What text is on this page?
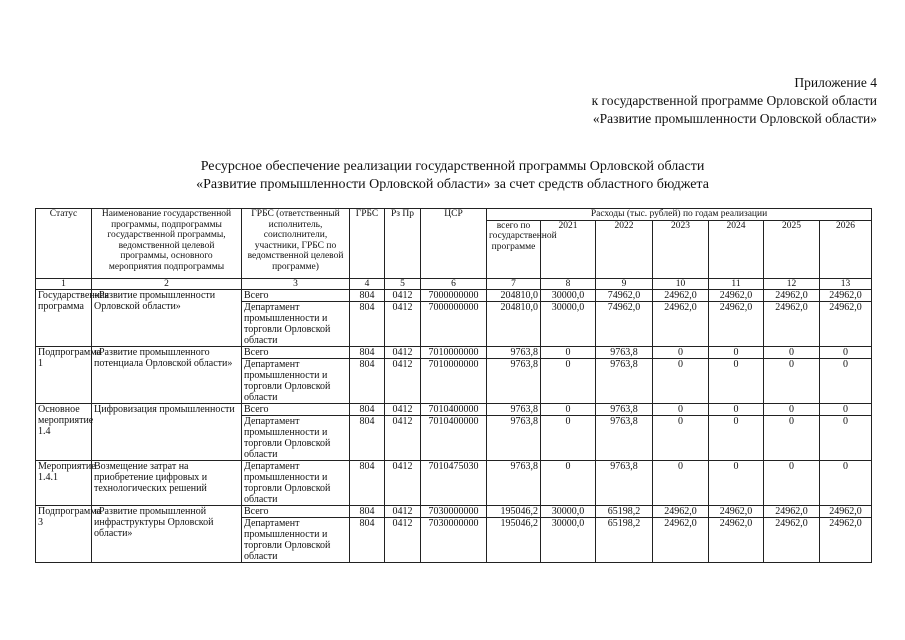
Приложение 4
к государственной программе Орловской области
«Развитие промышленности Орловской области»
Ресурсное обеспечение реализации государственной программы Орловской области
«Развитие промышленности Орловской области» за счет средств областного бюджета
Статус	Наименование государственной программы, подпрограммы государственной программы, ведомственной целевой программы, основного мероприятия подпрограммы	ГРБС (ответственный исполнитель, соисполнители, участники, ГРБС по ведомственной целевой программе)	ГРБС	Рз Пр	ЦСР	Расходы (тыс. рублей) по годам реализации						
						всего по государственной программе	2021	2022	2023	2024	2025	2026
1	2	3	4	5	6	7	8	9	10	11	12	13
Государственная программа	«Развитие промышленности Орловской области»	Всего	804	0412	7000000000	204810,0	30000,0	74962,0	24962,0	24962,0	24962,0	24962,0
		Департамент промышленности и торговли Орловской области	804	0412	7000000000	204810,0	30000,0	74962,0	24962,0	24962,0	24962,0	24962,0
Подпрограмма 1	«Развитие промышленного потенциала Орловской области»	Всего	804	0412	7010000000	9763,8	0	9763,8	0	0	0	0
		Департамент промышленности и торговли Орловской области	804	0412	7010000000	9763,8	0	9763,8	0	0	0	0
Основное мероприятие 1.4	Цифровизация промышленности	Всего	804	0412	7010400000	9763,8	0	9763,8	0	0	0	0
		Департамент промышленности и торговли Орловской области	804	0412	7010400000	9763,8	0	9763,8	0	0	0	0
Мероприятие 1.4.1	Возмещение затрат на приобретение цифровых и технологических решений	Департамент промышленности и торговли Орловской области	804	0412	7010475030	9763,8	0	9763,8	0	0	0	0
Подпрограмма 3	«Развитие промышленной инфраструктуры Орловской области»	Всего	804	0412	7030000000	195046,2	30000,0	65198,2	24962,0	24962,0	24962,0	24962,0
		Департамент промышленности и торговли Орловской области	804	0412	7030000000	195046,2	30000,0	65198,2	24962,0	24962,0	24962,0	24962,0
